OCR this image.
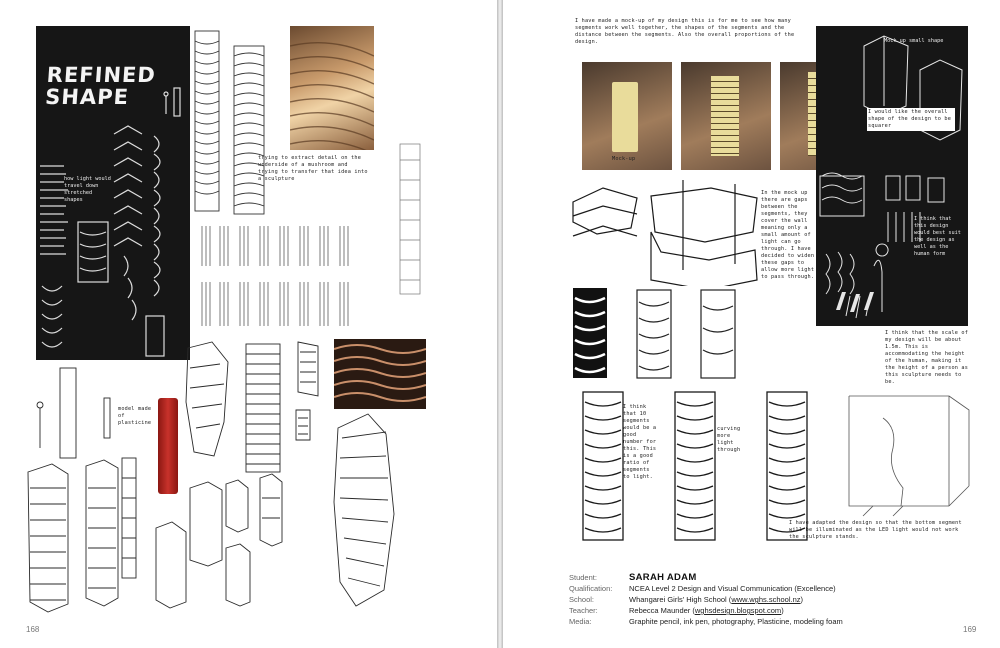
REFINED SHAPE
how light would travel down stretched shapes
trying to extract detail on the underside of a mushroom and trying to transfer that idea into a sculpture
model made of plasticine
168
I have made a mock-up of my design this is for me to see how many segments work well together, the shapes of the segments and the distance between the segments. Also the overall proportions of the design.
Mock-up
Mock up small shape
I think that this design would best suit the design as well as the human form
I would like the overall shape of the design to be squarer
In the mock up there are gaps between the segments, they cover the wall meaning only a small amount of light can go through. I have decided to widen these gaps to allow more light to pass through.
I think that the scale of my design will be about 1.5m. This is accommodating the height of the human, making it the height of a person as this sculpture needs to be.
I think that 10 segments would be a good number for this. This is a good ratio of segments to light.
curving more light through
I have adapted the design so that the bottom segment will be illuminated as the LED light would not work the sculpture stands.
Student:	SARAH ADAM
Qualification:	NCEA Level 2 Design and Visual Communication (Excellence)
School:	Whangarei Girls' High School (www.wghs.school.nz)
Teacher:	Rebecca Maunder (wghsdesign.blogspot.com)
Media:	Graphite pencil, ink pen, photography, Plasticine, modeling foam
169
